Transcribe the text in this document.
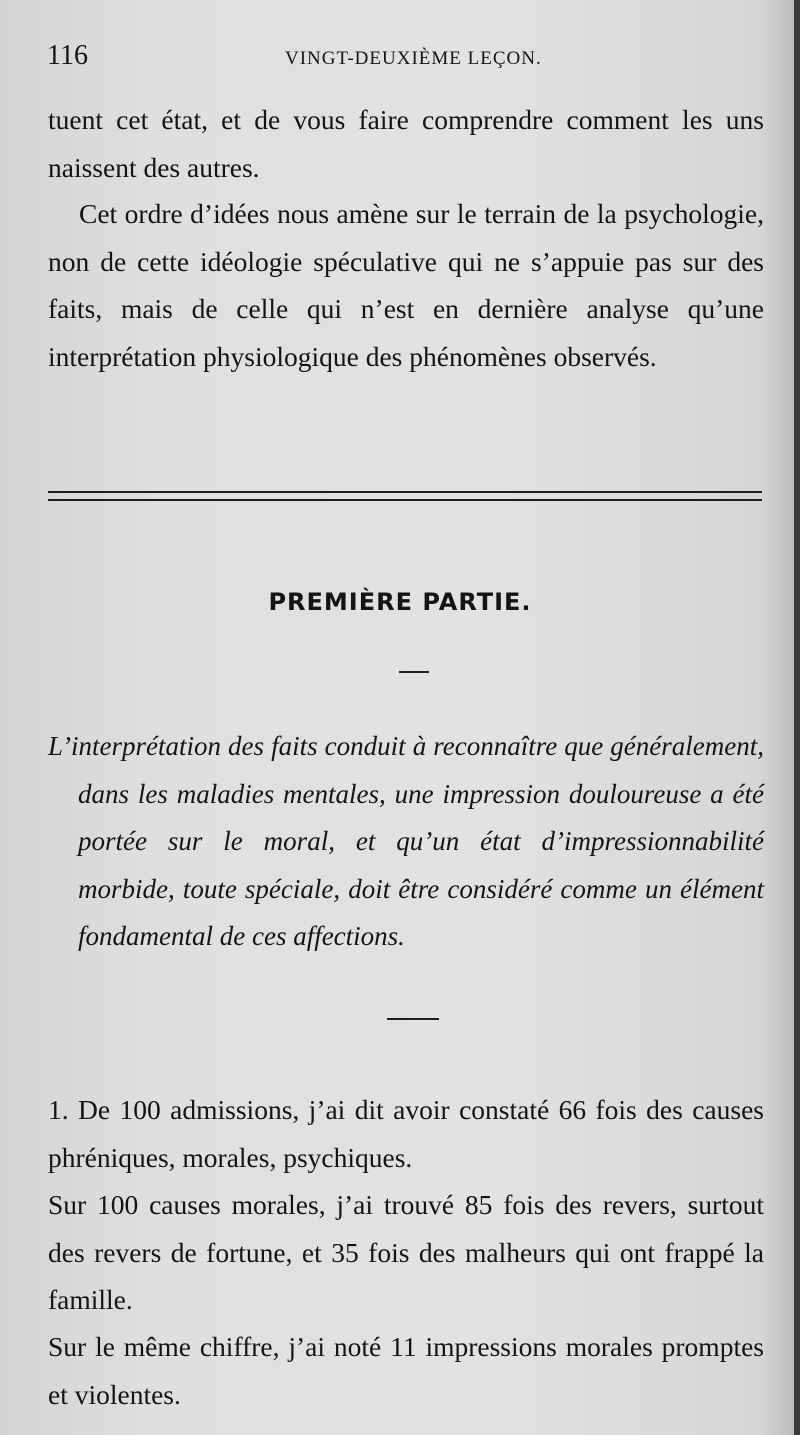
116	VINGT-DEUXIÈME LEÇON.

tuent cet état, et de vous faire comprendre comment les uns naissent des autres.

Cet ordre d’idées nous amène sur le terrain de la psychologie, non de cette idéologie spéculative qui ne s’appuie pas sur des faits, mais de celle qui n’est en dernière analyse qu’une interprétation physiologique des phénomènes observés.

PREMIÈRE PARTIE.

L’interprétation des faits conduit à reconnaître que généralement, dans les maladies mentales, une impression douloureuse a été portée sur le moral, et qu’un état d’impressionnabilité morbide, toute spéciale, doit être considéré comme un élément fondamental de ces affections.

1. De 100 admissions, j’ai dit avoir constaté 66 fois des causes phréniques, morales, psychiques.

Sur 100 causes morales, j’ai trouvé 85 fois des revers, surtout des revers de fortune, et 35 fois des malheurs qui ont frappé la famille.

Sur le même chiffre, j’ai noté 11 impressions morales promptes et violentes.
